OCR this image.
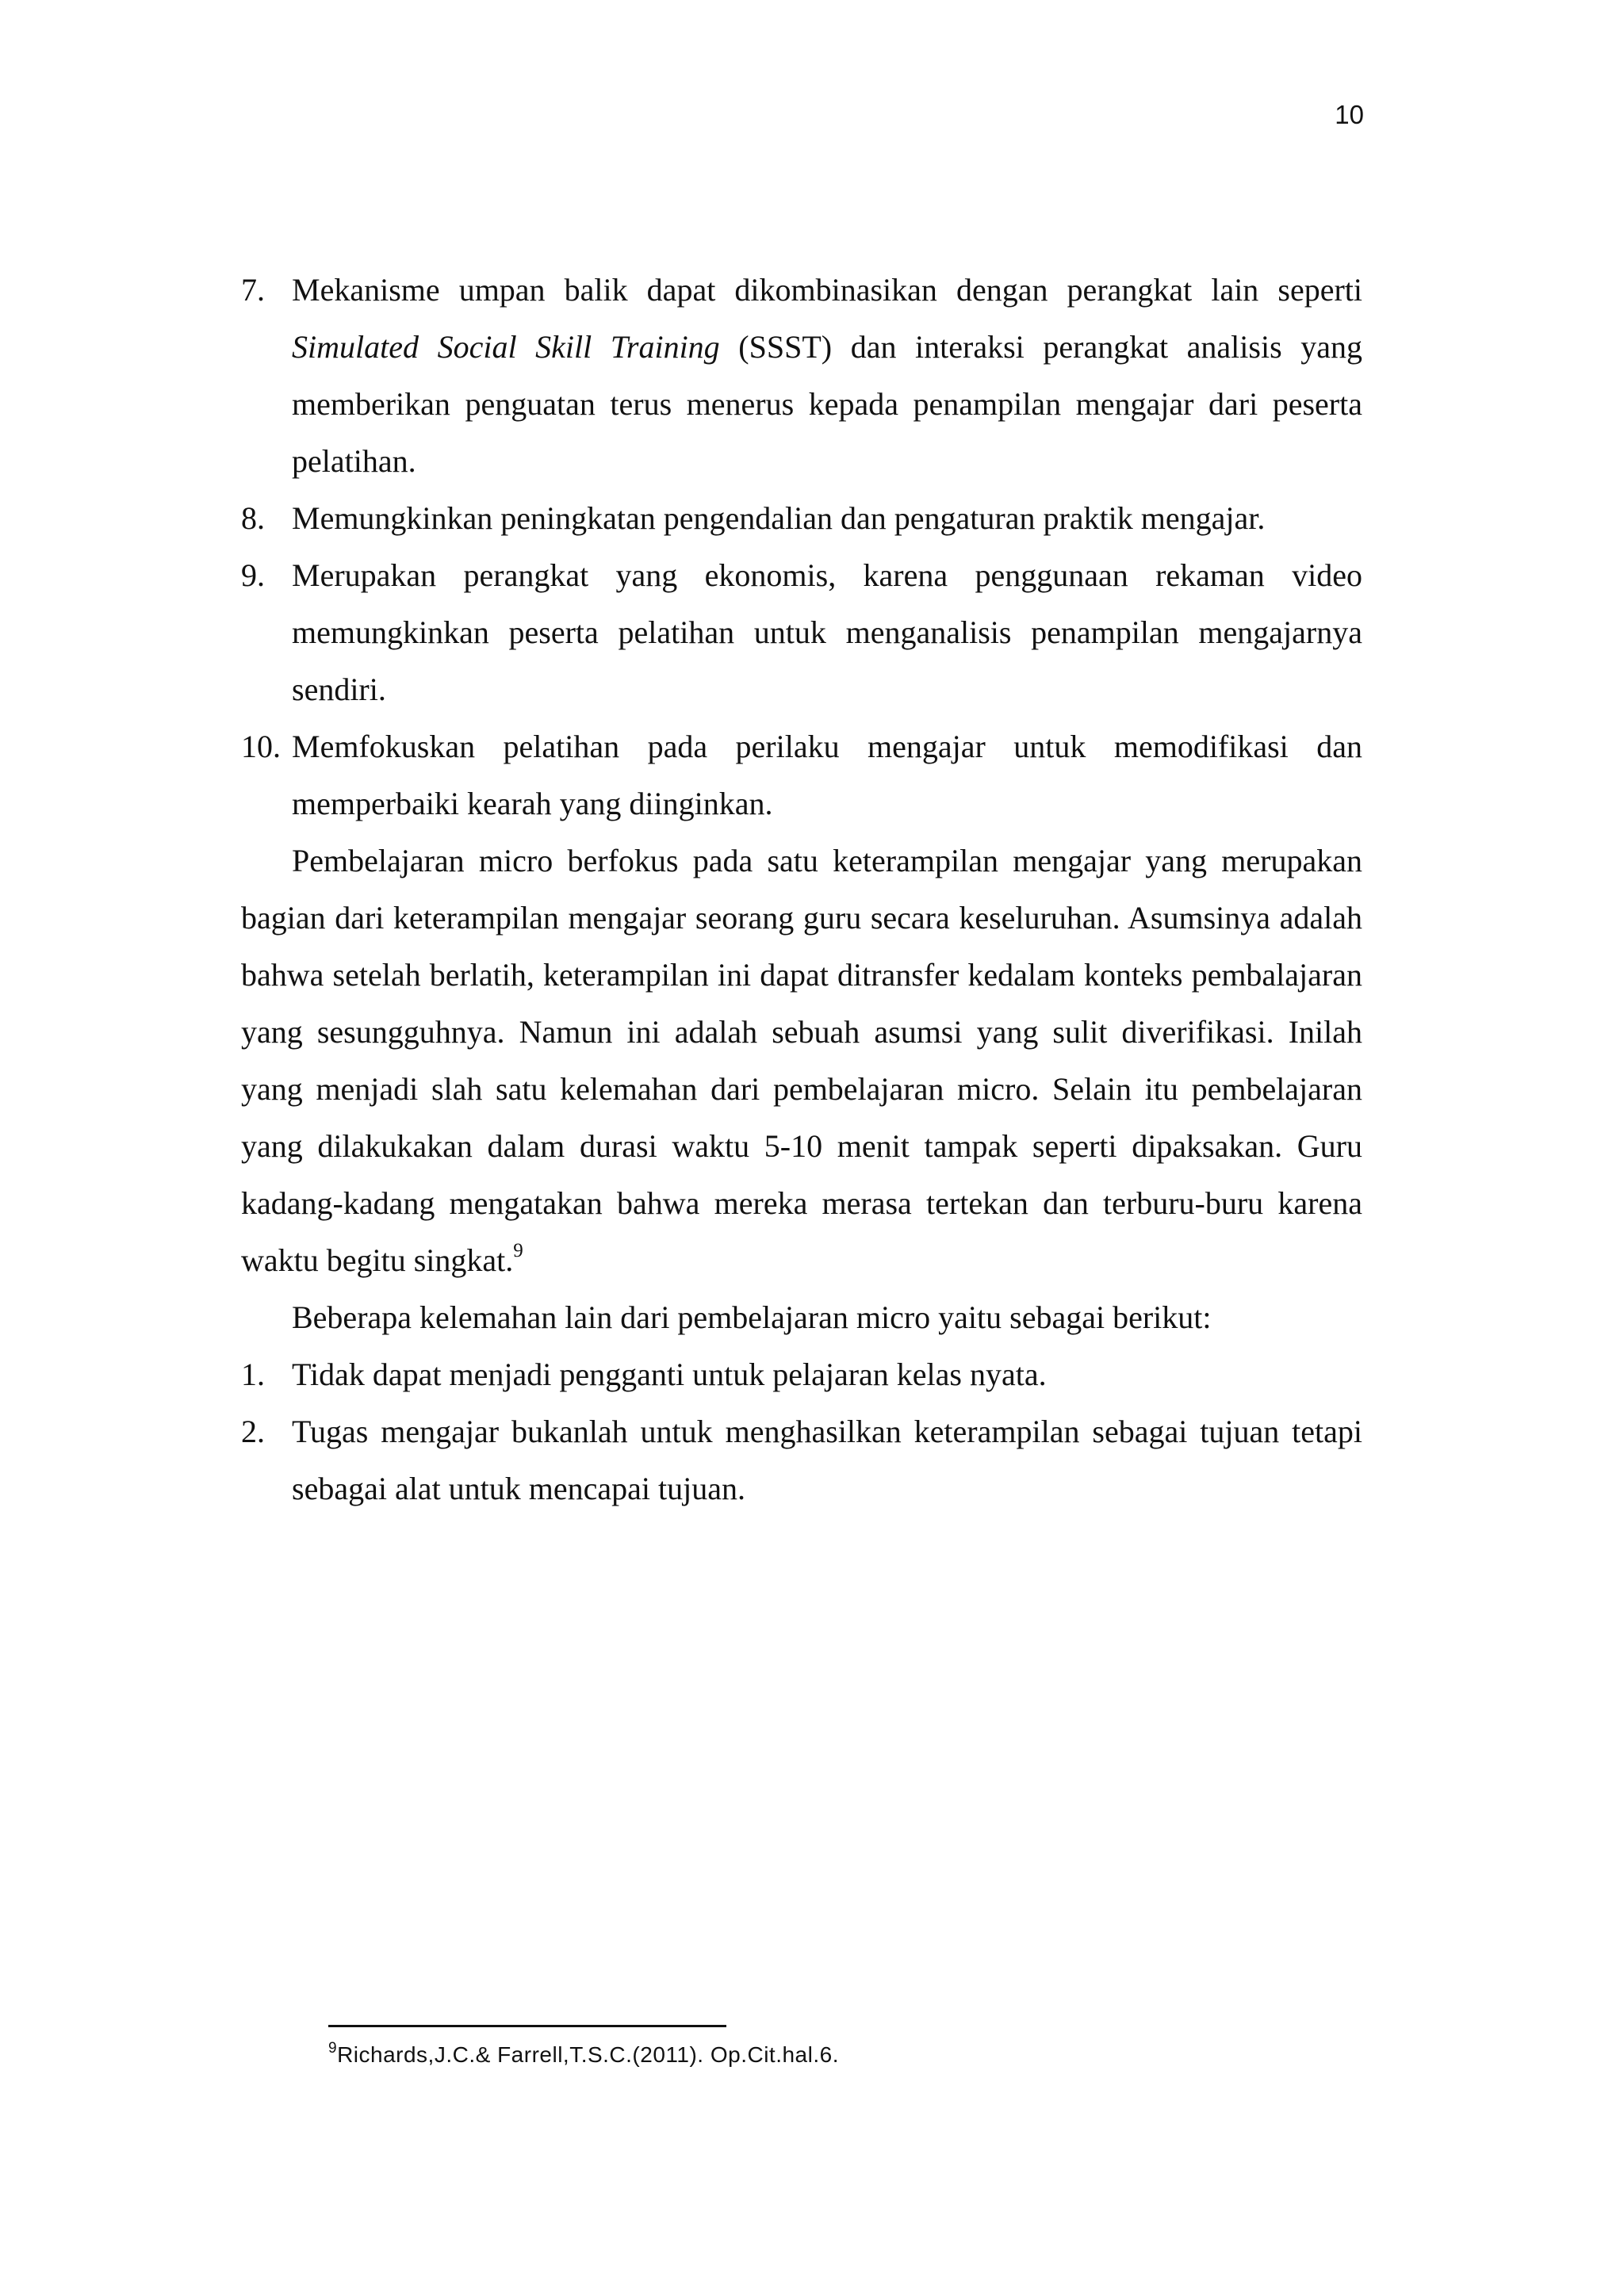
10
7. Mekanisme umpan balik dapat dikombinasikan dengan perangkat lain seperti Simulated Social Skill Training (SSST) dan interaksi perangkat analisis yang memberikan penguatan terus menerus kepada penampilan mengajar dari peserta pelatihan.
8. Memungkinkan peningkatan pengendalian dan pengaturan praktik mengajar.
9. Merupakan perangkat yang ekonomis, karena penggunaan rekaman video memungkinkan peserta pelatihan untuk menganalisis penampilan mengajarnya sendiri.
10. Memfokuskan pelatihan pada perilaku mengajar untuk memodifikasi dan memperbaiki kearah yang diinginkan.

Pembelajaran micro berfokus pada satu keterampilan mengajar yang merupakan bagian dari keterampilan mengajar seorang guru secara keseluruhan. Asumsinya adalah bahwa setelah berlatih, keterampilan ini dapat ditransfer kedalam konteks pembalajaran yang sesungguhnya. Namun ini adalah sebuah asumsi yang sulit diverifikasi. Inilah yang menjadi slah satu kelemahan dari pembelajaran micro. Selain itu pembelajaran yang dilakukakan dalam durasi waktu 5-10 menit tampak seperti dipaksakan. Guru kadang-kadang mengatakan bahwa mereka merasa tertekan dan terburu-buru karena waktu begitu singkat.$^9$

Beberapa kelemahan lain dari pembelajaran micro yaitu sebagai berikut:

1. Tidak dapat menjadi pengganti untuk pelajaran kelas nyata.
2. Tugas mengajar bukanlah untuk menghasilkan keterampilan sebagai tujuan tetapi sebagai alat untuk mencapai tujuan.
$^9$Richards,J.C.& Farrell,T.S.C.(2011). Op.Cit.hal.6.
